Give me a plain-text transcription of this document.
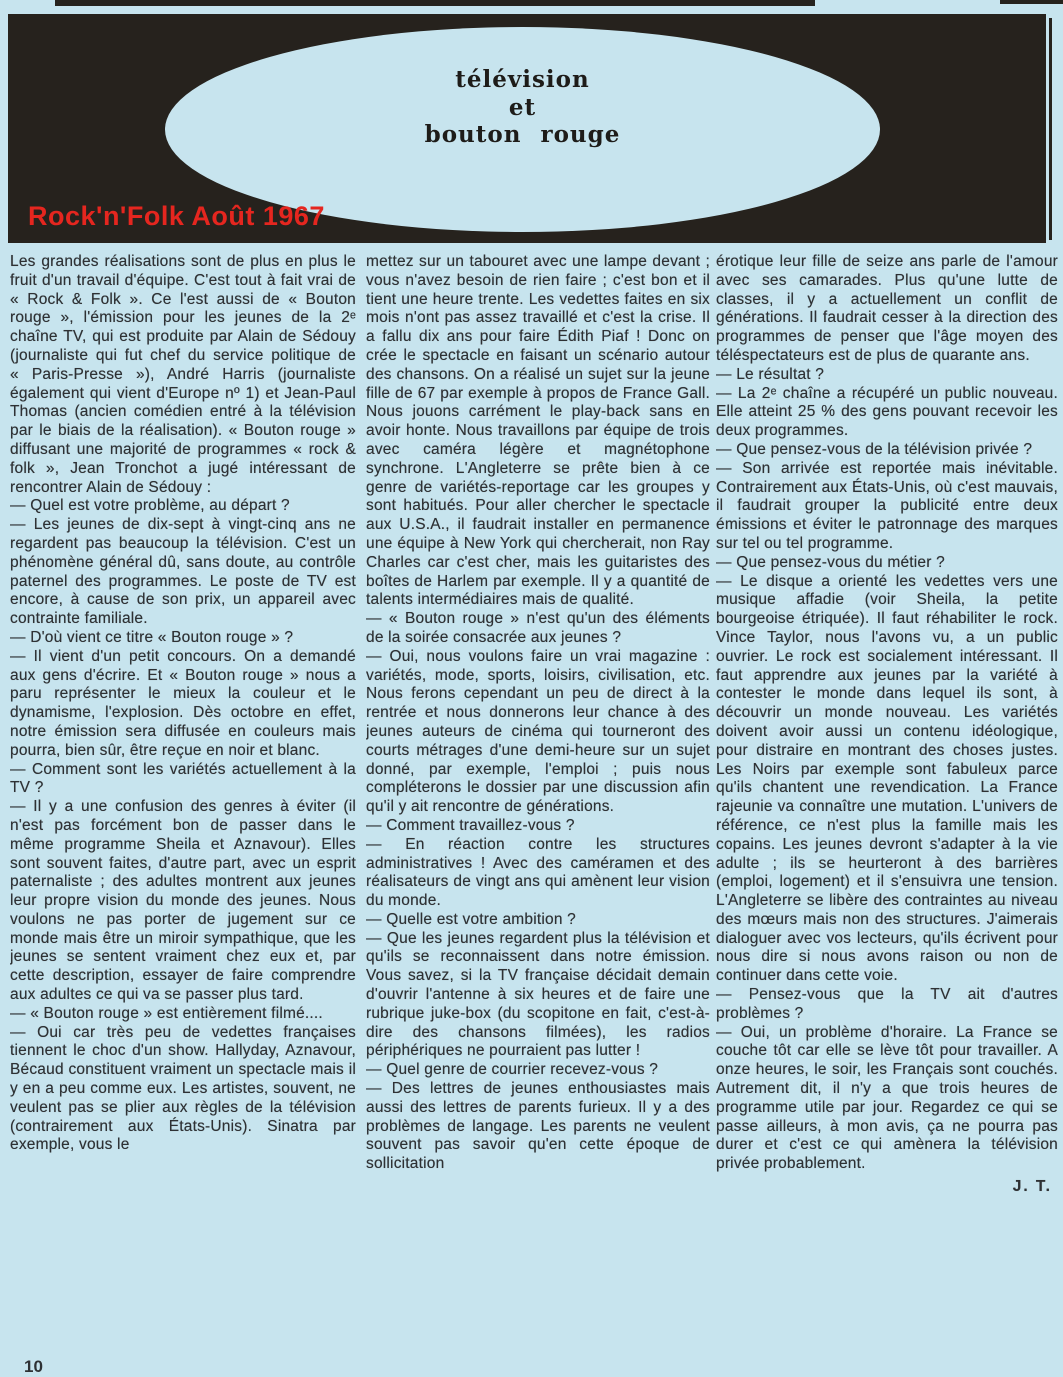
télévision
et
bouton rouge
Rock'n'Folk Août 1967
Les grandes réalisations sont de plus en plus le fruit d'un travail d'équipe. C'est tout à fait vrai de « Rock & Folk ». Ce l'est aussi de « Bouton rouge », l'émission pour les jeunes de la 2ᵉ chaîne TV, qui est produite par Alain de Sédouy (journaliste qui fut chef du service politique de « Paris-Presse »), André Harris (journaliste également qui vient d'Europe nº 1) et Jean-Paul Thomas (ancien comédien entré à la télévision par le biais de la réalisation). « Bouton rouge » diffusant une majorité de programmes « rock & folk », Jean Tronchot a jugé intéressant de rencontrer Alain de Sédouy :
— Quel est votre problème, au départ ?
— Les jeunes de dix-sept à vingt-cinq ans ne regardent pas beaucoup la télévision. C'est un phénomène général dû, sans doute, au contrôle paternel des programmes. Le poste de TV est encore, à cause de son prix, un appareil avec contrainte familiale.
— D'où vient ce titre « Bouton rouge » ?
— Il vient d'un petit concours. On a demandé aux gens d'écrire. Et « Bouton rouge » nous a paru représenter le mieux la couleur et le dynamisme, l'explosion. Dès octobre en effet, notre émission sera diffusée en couleurs mais pourra, bien sûr, être reçue en noir et blanc.
— Comment sont les variétés actuellement à la TV ?
— Il y a une confusion des genres à éviter (il n'est pas forcément bon de passer dans le même programme Sheila et Aznavour). Elles sont souvent faites, d'autre part, avec un esprit paternaliste ; des adultes montrent aux jeunes leur propre vision du monde des jeunes. Nous voulons ne pas porter de jugement sur ce monde mais être un miroir sympathique, que les jeunes se sentent vraiment chez eux et, par cette description, essayer de faire comprendre aux adultes ce qui va se passer plus tard.
— « Bouton rouge » est entièrement filmé....
— Oui car très peu de vedettes françaises tiennent le choc d'un show. Hallyday, Aznavour, Bécaud constituent vraiment un spectacle mais il y en a peu comme eux. Les artistes, souvent, ne veulent pas se plier aux règles de la télévision (contrairement aux États-Unis). Sinatra par exemple, vous le
mettez sur un tabouret avec une lampe devant ; vous n'avez besoin de rien faire ; c'est bon et il tient une heure trente. Les vedettes faites en six mois n'ont pas assez travaillé et c'est la crise. Il a fallu dix ans pour faire Édith Piaf ! Donc on crée le spectacle en faisant un scénario autour des chansons. On a réalisé un sujet sur la jeune fille de 67 par exemple à propos de France Gall. Nous jouons carrément le play-back sans en avoir honte. Nous travaillons par équipe de trois avec caméra légère et magnétophone synchrone. L'Angleterre se prête bien à ce genre de variétés-reportage car les groupes y sont habitués. Pour aller chercher le spectacle aux U.S.A., il faudrait installer en permanence une équipe à New York qui chercherait, non Ray Charles car c'est cher, mais les guitaristes des boîtes de Harlem par exemple. Il y a quantité de talents intermédiaires mais de qualité.
— « Bouton rouge » n'est qu'un des éléments de la soirée consacrée aux jeunes ?
— Oui, nous voulons faire un vrai magazine : variétés, mode, sports, loisirs, civilisation, etc. Nous ferons cependant un peu de direct à la rentrée et nous donnerons leur chance à des jeunes auteurs de cinéma qui tourneront des courts métrages d'une demi-heure sur un sujet donné, par exemple, l'emploi ; puis nous compléterons le dossier par une discussion afin qu'il y ait rencontre de générations.
— Comment travaillez-vous ?
— En réaction contre les structures administratives ! Avec des caméramen et des réalisateurs de vingt ans qui amènent leur vision du monde.
— Quelle est votre ambition ?
— Que les jeunes regardent plus la télévision et qu'ils se reconnaissent dans notre émission. Vous savez, si la TV française décidait demain d'ouvrir l'antenne à six heures et de faire une rubrique juke-box (du scopitone en fait, c'est-à-dire des chansons filmées), les radios périphériques ne pourraient pas lutter !
— Quel genre de courrier recevez-vous ?
— Des lettres de jeunes enthousiastes mais aussi des lettres de parents furieux. Il y a des problèmes de langage. Les parents ne veulent souvent pas savoir qu'en cette époque de sollicitation
érotique leur fille de seize ans parle de l'amour avec ses camarades. Plus qu'une lutte de classes, il y a actuellement un conflit de générations. Il faudrait cesser à la direction des programmes de penser que l'âge moyen des téléspectateurs est de plus de quarante ans.
— Le résultat ?
— La 2ᵉ chaîne a récupéré un public nouveau. Elle atteint 25 % des gens pouvant recevoir les deux programmes.
— Que pensez-vous de la télévision privée ?
— Son arrivée est reportée mais inévitable. Contrairement aux États-Unis, où c'est mauvais, il faudrait grouper la publicité entre deux émissions et éviter le patronnage des marques sur tel ou tel programme.
— Que pensez-vous du métier ?
— Le disque a orienté les vedettes vers une musique affadie (voir Sheila, la petite bourgeoise étriquée). Il faut réhabiliter le rock. Vince Taylor, nous l'avons vu, a un public ouvrier. Le rock est socialement intéressant. Il faut apprendre aux jeunes par la variété à contester le monde dans lequel ils sont, à découvrir un monde nouveau. Les variétés doivent avoir aussi un contenu idéologique, pour distraire en montrant des choses justes. Les Noirs par exemple sont fabuleux parce qu'ils chantent une revendication. La France rajeunie va connaître une mutation. L'univers de référence, ce n'est plus la famille mais les copains. Les jeunes devront s'adapter à la vie adulte ; ils se heurteront à des barrières (emploi, logement) et il s'ensuivra une tension. L'Angleterre se libère des contraintes au niveau des mœurs mais non des structures. J'aimerais dialoguer avec vos lecteurs, qu'ils écrivent pour nous dire si nous avons raison ou non de continuer dans cette voie.
— Pensez-vous que la TV ait d'autres problèmes ?
— Oui, un problème d'horaire. La France se couche tôt car elle se lève tôt pour travailler. A onze heures, le soir, les Français sont couchés. Autrement dit, il n'y a que trois heures de programme utile par jour. Regardez ce qui se passe ailleurs, à mon avis, ça ne pourra pas durer et c'est ce qui amènera la télévision privée probablement.
J. T.
10
